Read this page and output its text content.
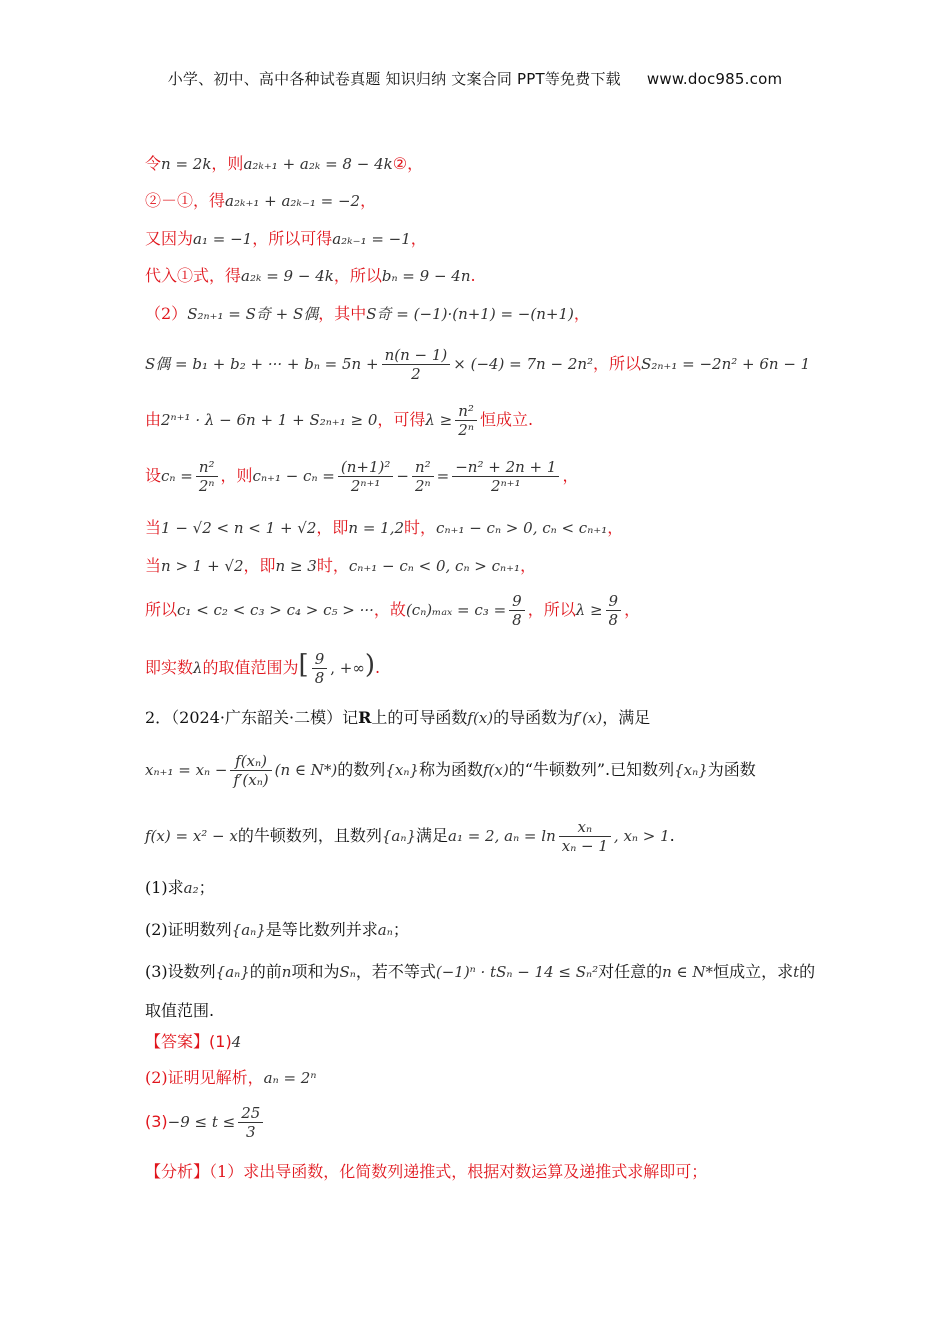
小学、初中、高中各种试卷真题 知识归纳 文案合同 PPT等免费下载 www.doc985.com
令n = 2k，则a₂ₖ₊₁ + a₂ₖ = 8 − 4k②，
②－①，得a₂ₖ₊₁ + a₂ₖ₋₁ = −2，
又因为a₁ = −1，所以可得a₂ₖ₋₁ = −1，
代入①式，得a₂ₖ = 9 − 4k，所以bₙ = 9 − 4n.
（2）S₂ₙ₊₁ = S奇 + S偶，其中S奇 = (−1)·(n+1) = −(n+1)，
S偶 = b₁ + b₂ + ··· + $b_n = 5n + \frac{n(n - 1)}{2} \times (-4) = 7n - 2n^2$，所以S₂ₙ₊₁ = −2n² + 6n − 1
由2ⁿ⁺¹ · λ − 6n + 1 + S₂ₙ₊₁ ≥ 0，可得$\lambda \ge \frac{\text{n²}}{\text{2ⁿ}}$ 恒成立.
设$c_n = \frac{\text{n²}}{\text{2ⁿ}}$ ，则$c_{n+1} - c_n = \frac{\text{(n+1)²}}{\text{2ⁿ⁺¹}} - \frac{\text{n²}}{\text{2ⁿ}} = \frac{\text{−n² + 2n + 1}}{\text{2ⁿ⁺¹}}$ ，
当1 − √2 < n < 1 + √2，即n = 1,2时，cₙ₊₁ − cₙ > 0, cₙ < cₙ₊₁，
当n > 1 + √2，即n ≥ 3时，cₙ₊₁ − cₙ < 0, cₙ > cₙ₊₁，
所以c₁ < c₂ < c₃ > c₄ > c₅ > ···，故$(c_n)_{max} = c_3 = \frac{9}{8}$ ，所以$\lambda \ge \frac{9}{8}$ ，
即实数λ的取值范围为[ $\frac{9}{8}$ , +∞).
2．（2024·广东韶关·二模）记R上的可导函数f(x)的导函数为f′(x)，满足
$x_{n+1} = x_n - \frac{\text{f(xₙ)}}{\text{f′(xₙ)}} (n$ ∈ N*)的数列{xₙ}称为函数f(x)的“牛顿数列”.已知数列{xₙ}为函数
f(x) = x² − x的牛顿数列，且数列{aₙ}满足a₁ = 2, $a_n = \ln \frac{\text{xₙ}}{\text{xₙ − 1}}$ , xₙ > 1.
(1)求a₂；
(2)证明数列{aₙ}是等比数列并求aₙ；
(3)设数列{aₙ}的前n项和为Sₙ，若不等式(−1)ⁿ · tSₙ − 14 ≤ Sₙ²对任意的n ∈ N*恒成立，求t的
取值范围.
【答案】(1)4
(2)证明见解析，aₙ = 2ⁿ
$(3)-9 \le t \le \frac{25}{3}$
【分析】（1）求出导函数，化简数列递推式，根据对数运算及递推式求解即可；
